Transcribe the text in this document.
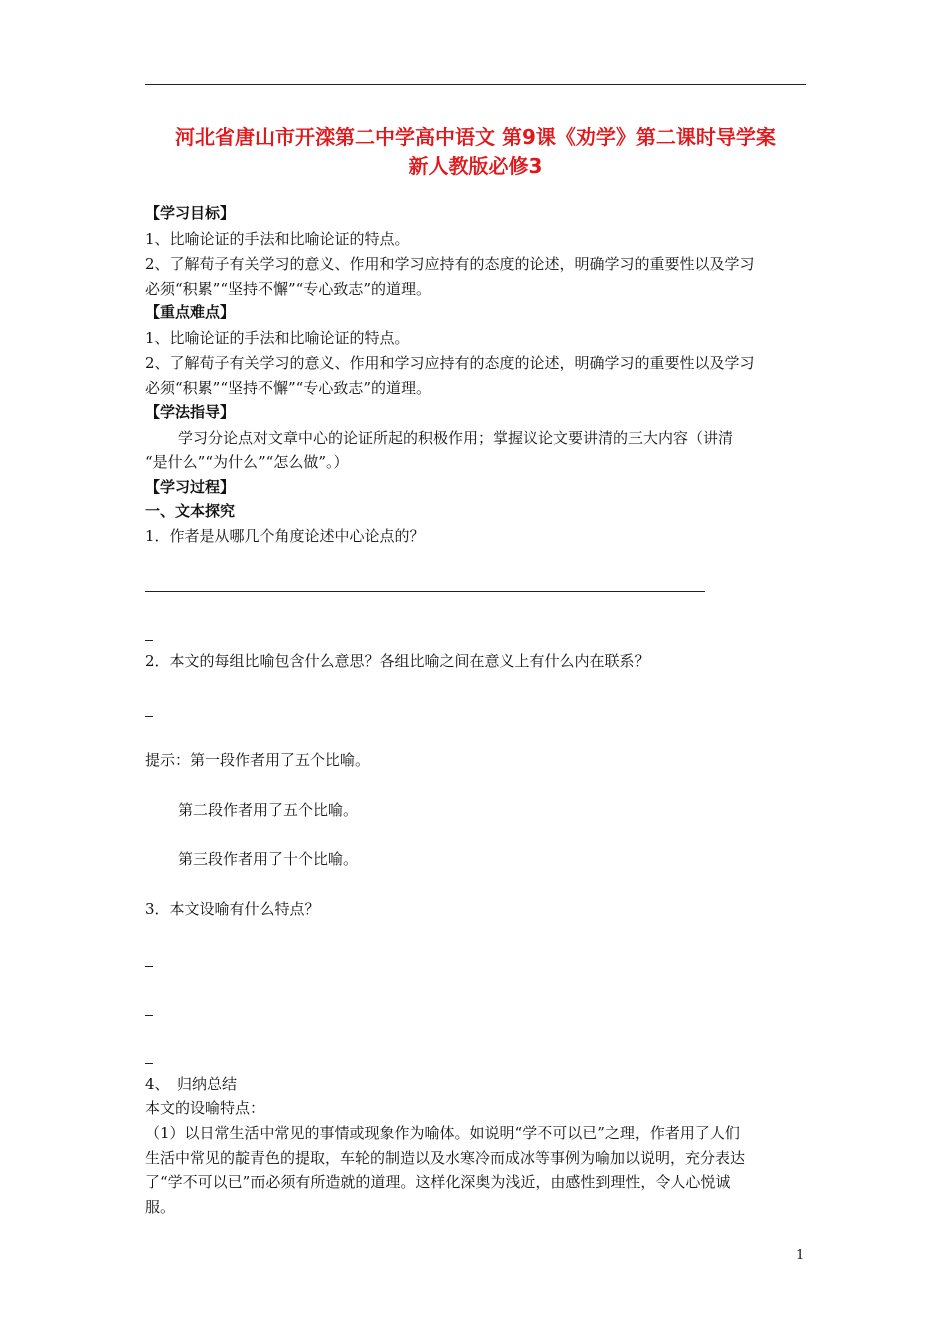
河北省唐山市开滦第二中学高中语文 第9课《劝学》第二课时导学案
新人教版必修3
【学习目标】
1、比喻论证的手法和比喻论证的特点。
2、了解荀子有关学习的意义、作用和学习应持有的态度的论述，明确学习的重要性以及学习
必须“积累”“坚持不懈”“专心致志”的道理。
【重点难点】
1、比喻论证的手法和比喻论证的特点。
2、了解荀子有关学习的意义、作用和学习应持有的态度的论述，明确学习的重要性以及学习
必须“积累”“坚持不懈”“专心致志”的道理。
【学法指导】
学习分论点对文章中心的论证所起的积极作用；掌握议论文要讲清的三大内容（讲清
“是什么”“为什么”“怎么做”。）
【学习过程】
一、文本探究
1．作者是从哪几个角度论述中心论点的？
2．本文的每组比喻包含什么意思？各组比喻之间在意义上有什么内在联系？
提示：第一段作者用了五个比喻。
第二段作者用了五个比喻。
第三段作者用了十个比喻。
3．本文设喻有什么特点？
4、　归纳总结
本文的设喻特点：
（1）以日常生活中常见的事情或现象作为喻体。如说明“学不可以已”之理，作者用了人们
生活中常见的靛青色的提取，车轮的制造以及水寒冷而成冰等事例为喻加以说明，充分表达
了“学不可以已”而必须有所造就的道理。这样化深奥为浅近，由感性到理性，令人心悦诚
服。
1
